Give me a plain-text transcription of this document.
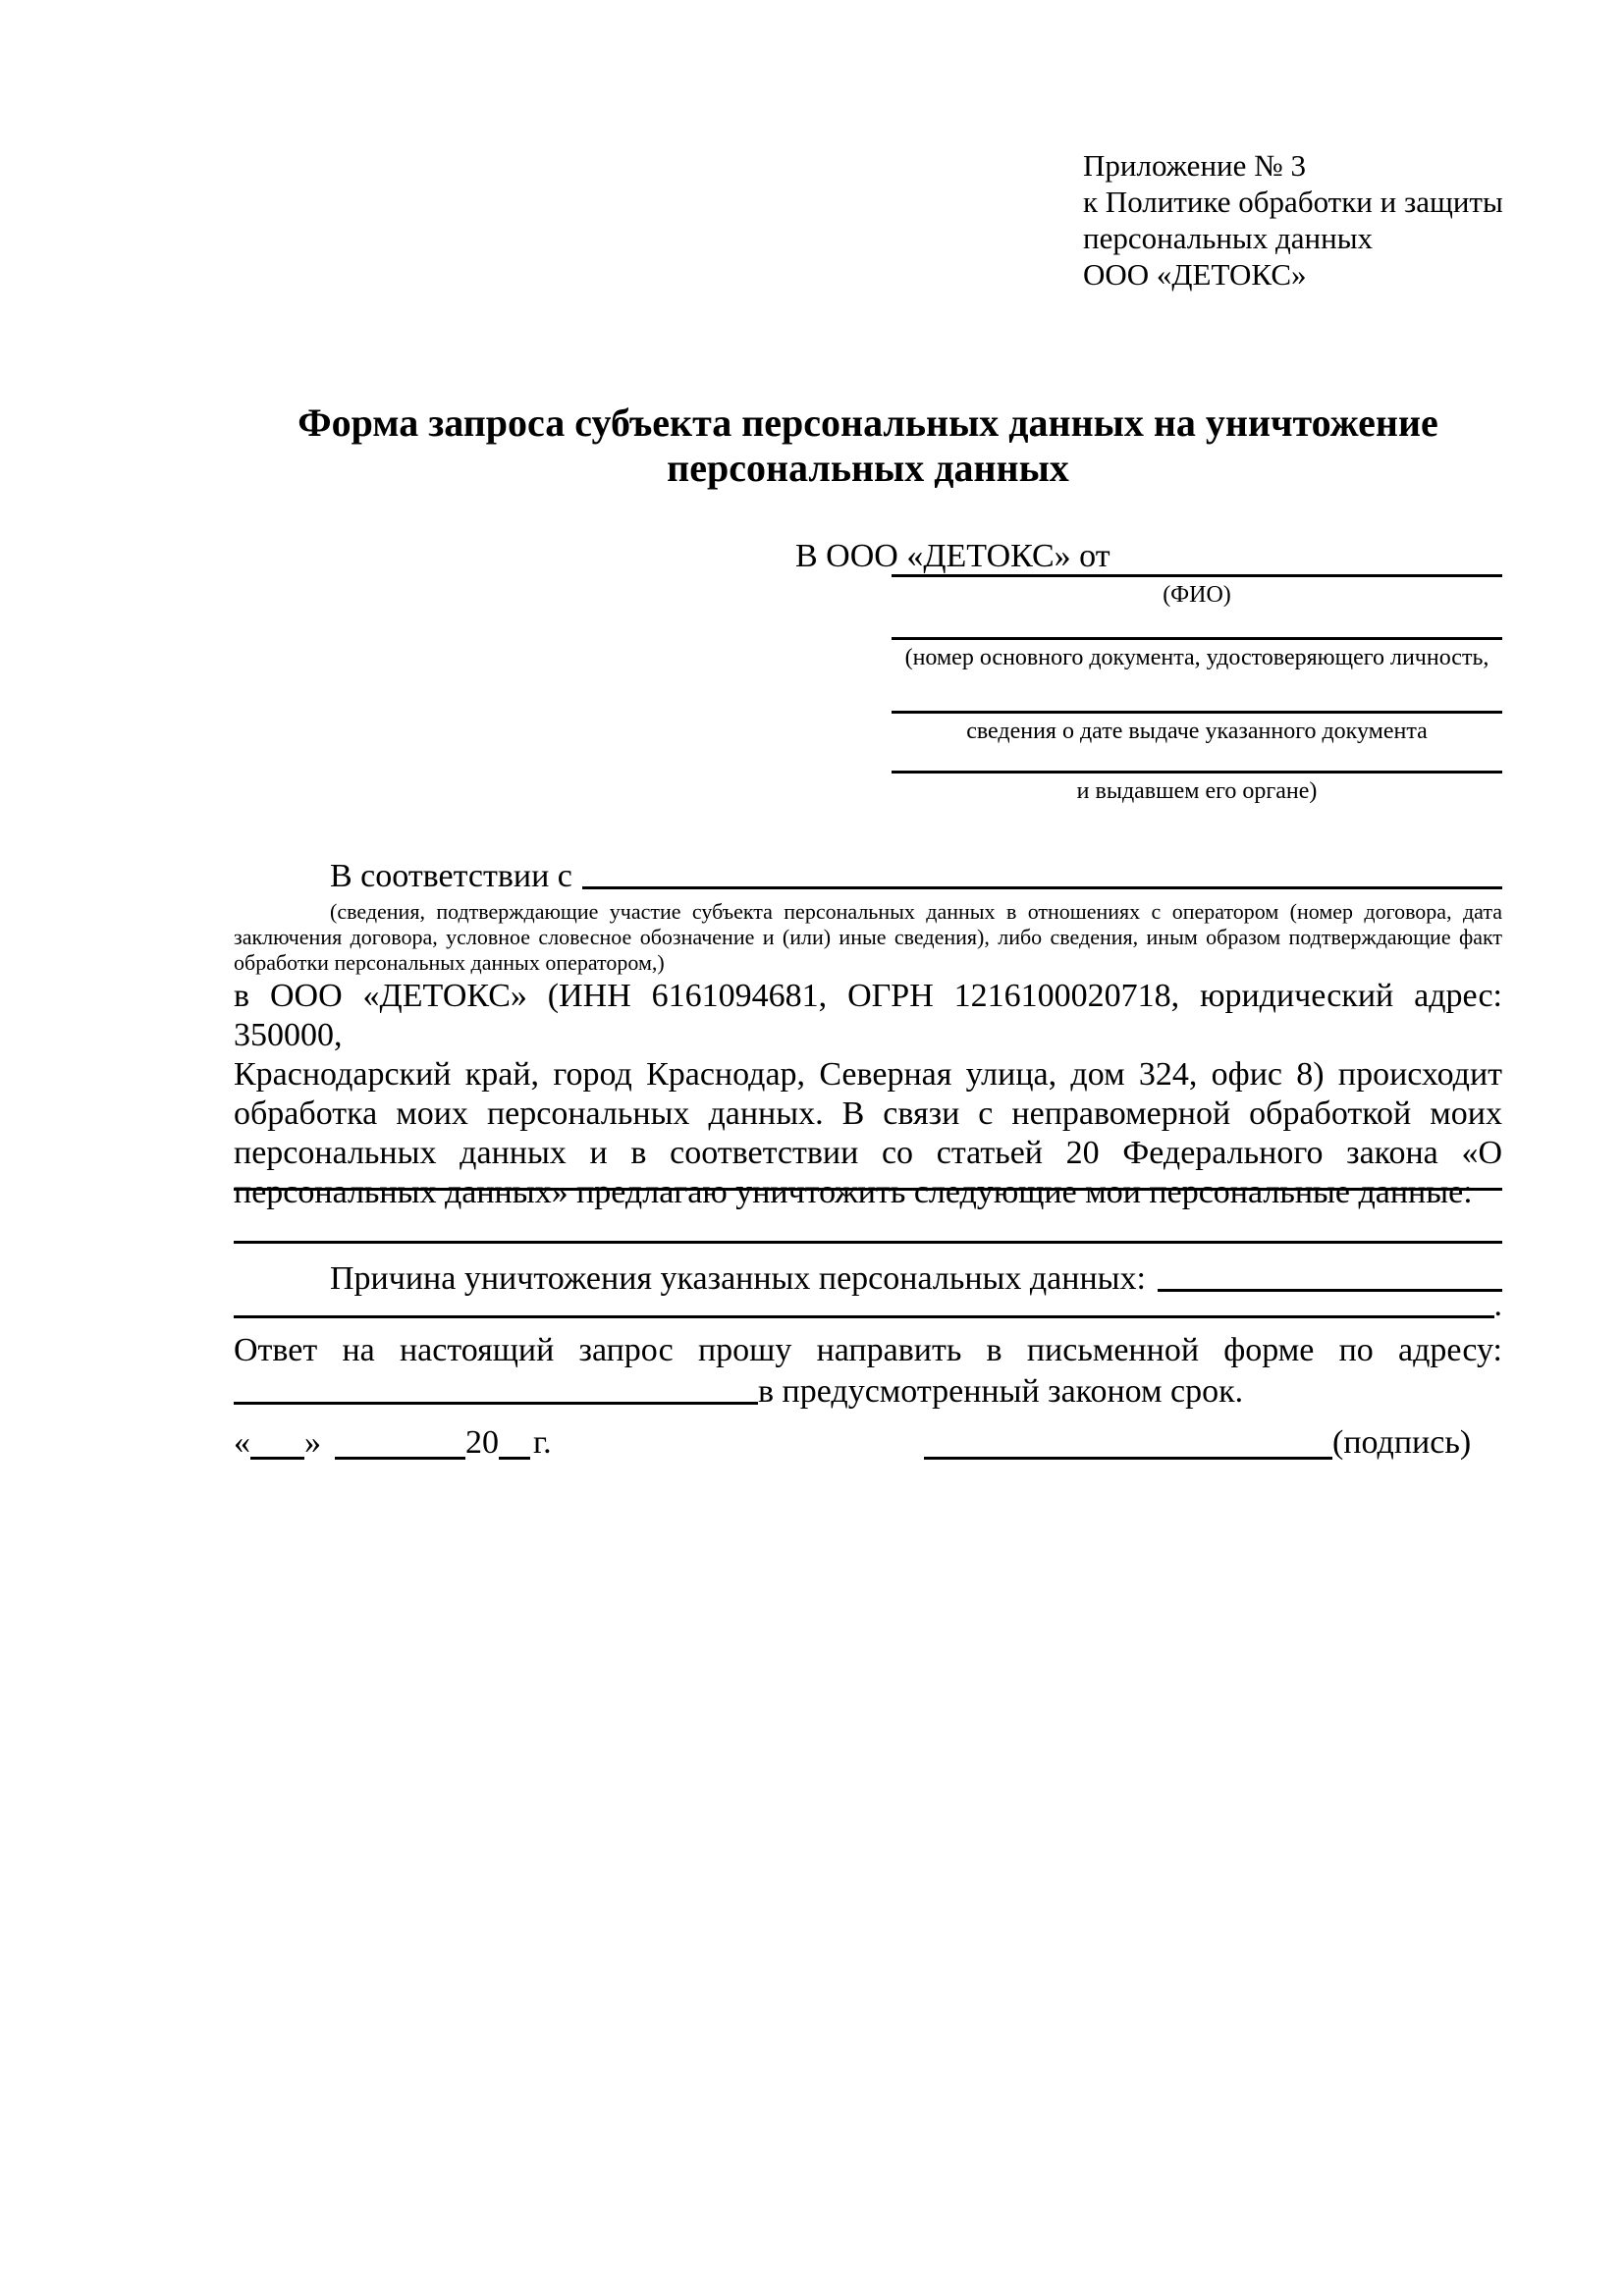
Приложение № 3
к Политике обработки и защиты
персональных данных
ООО «ДЕТОКС»
Форма запроса субъекта персональных данных на уничтожение
персональных данных
В ООО «ДЕТОКС» от
(ФИО)
(номер основного документа, удостоверяющего личность,
сведения о дате выдаче указанного документа
и выдавшем его органе)
В соответствии с
(сведения, подтверждающие участие субъекта персональных данных в отношениях с оператором (номер договора, дата
заключения договора, условное словесное обозначение и (или) иные сведения), либо сведения, иным образом подтверждающие факт
обработки персональных данных оператором,)
в ООО «ДЕТОКС» (ИНН 6161094681, ОГРН 1216100020718, юридический адрес: 350000,
Краснодарский край, город Краснодар, Северная улица, дом 324, офис 8) происходит
обработка моих персональных данных. В связи с неправомерной обработкой моих
персональных данных и в соответствии со статьей 20 Федерального закона «О
персональных данных» предлагаю уничтожить следующие мои персональные данные:
Причина уничтожения указанных персональных данных:
.
Ответ на настоящий запрос прошу направить в письменной форме по адресу:
в предусмотренный законом срок.
« »	20 г.	(подпись)
